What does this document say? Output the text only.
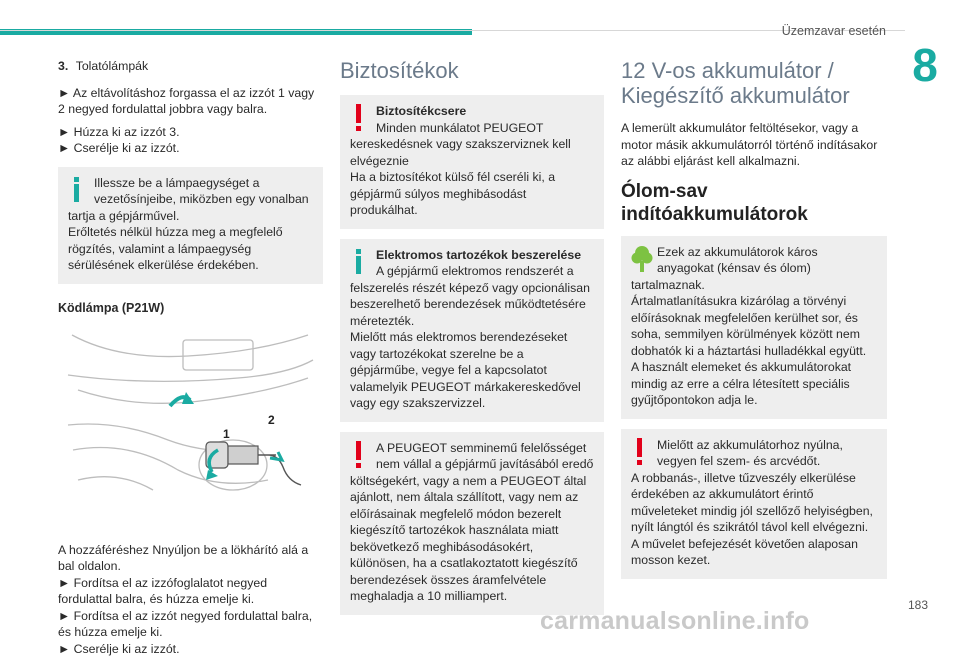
Üzemzavar esetén
8

3. Tolatólámpák

► Az eltávolításhoz forgassa el az izzót 1 vagy 2 negyed fordulattal jobbra vagy balra.

► Húzza ki az izzót 3.

► Cserélje ki az izzót.

Illessze be a lámpaegységet a vezetősínjeibe, miközben egy vonalban tartja a gépjárművel.
Erőltetés nélkül húzza meg a megfelelő rögzítés, valamint a lámpaegység sérülésének elkerülése érdekében.
Ködlámpa (P21W)
1
2

A hozzáféréshez Nnyúljon be a lökhárító alá a bal oldalon.

► Fordítsa el az izzófoglalatot negyed fordulattal balra, és húzza emelje ki.

► Fordítsa el az izzót negyed fordulattal balra, és húzza emelje ki.

► Cserélje ki az izzót.

Biztosítékok
Biztosítékcsere
Minden munkálatot PEUGEOT kereskedésnek vagy szakszervizn​ek kell elvégeznie
Ha a biztosítékot külső fél cseréli ki, a gépjármű súlyos meghibásodást produkálhat.
Elektromos tartozékok beszerelése
A gépjármű elektromos rendszerét a felszerelés részét képező vagy opcionálisan beszerelhető berendezések működtetésére méretezték.
Mielőtt más elektromos berendezéseket vagy tartozékokat szerelne be a gépjárműbe, vegye fel a kapcsolatot valamelyik PEUGEOT márkakereskedővel vagy egy szakszervizzel.
A PEUGEOT semminemű felelősséget nem vállal a gépjármű javításából eredő költségekért, vagy a nem a PEUGEOT által ajánlott, nem általa szállított, vagy nem az előírásainak megfelelő módon bezerelt kiegészítő tartozékok használata miatt bekövetkező meghibásodásokért, különösen, ha a csatlakoztatott kiegészítő berendezések összes áramfelvétele meghaladja a 10 milliampert.
12 V-os akkumulátor / Kiegészítő akkumulátor

A lemerült akkumulátor feltöltésekor, vagy a motor másik akkumulátorról történő indításakor az alábbi eljárást kell alkalmazni.

Ólom-sav indítóakkumulátorok
Ezek az akkumulátorok káros anyagokat (kénsav és ólom) tartalmaznak.
Ártalmatlanításukra kizárólag a törvényi előírásoknak megfelelően kerülhet sor, és soha, semmilyen körülmények között nem dobhatók ki a háztartási hulladékkal együtt.
A használt elemeket és akkumulátorokat mindig az erre a célra létesített speciális gyűjtőpontokon adja le.
Mielőtt az akkumulátorhoz nyúlna, vegyen fel szem- és arcvédőt.
A robbanás-, illetve tűzveszély elkerülése érdekében az akkumulátort érintő műveleteket mindig jól szellőző helyiségben, nyílt lángtól és szikrától távol kell elvégezni.
A művelet befejezését követően alaposan mosson kezet.
183
carmanualsonline.info
